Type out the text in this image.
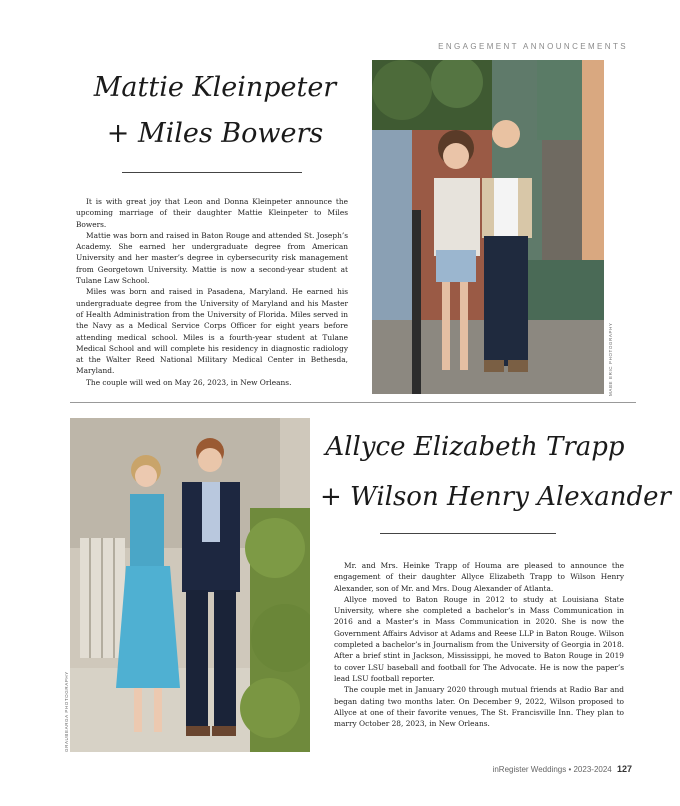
ENGAGEMENT ANNOUNCEMENTS
Mattie Kleinpeter
+ Miles Bowers

It is with great joy that Leon and Donna Kleinpeter announce the upcoming marriage of their daughter Mattie Kleinpeter to Miles Bowers.

Mattie was born and raised in Baton Rouge and attended St. Joseph’s Academy. She earned her undergraduate degree from American University and her master’s degree in cybersecurity risk management from Georgetown University. Mattie is now a second-year student at Tulane Law School.

Miles was born and raised in Pasadena, Maryland. He earned his undergraduate degree from the University of Maryland and his Master of Health Administration from the University of Florida. Miles served in the Navy as a Medical Service Corps Officer for eight years before attending medical school. Miles is a fourth-year student at Tulane Medical School and will complete his residency in diagnostic radiology at the Walter Reed National Military Medical Center in Bethesda, Maryland.

The couple will wed on May 26, 2023, in New Orleans.	MABE ERIC PHOTOGRAPHY
GRAUBEARGA PHOTOGRAPHY
Allyce Elizabeth Trapp
+ Wilson Henry Alexander

Mr. and Mrs. Heinke Trapp of Houma are pleased to announce the engagement of their daughter Allyce Elizabeth Trapp to Wilson Henry Alexander, son of Mr. and Mrs. Doug Alexander of Atlanta.

Allyce moved to Baton Rouge in 2012 to study at Louisiana State University, where she completed a bachelor’s in Mass Communication in 2016 and a Master’s in Mass Communication in 2020. She is now the Government Affairs Advisor at Adams and Reese LLP in Baton Rouge. Wilson completed a bachelor’s in Journalism from the University of Georgia in 2018. After a brief stint in Jackson, Mississippi, he moved to Baton Rouge in 2019 to cover LSU baseball and football for The Advocate. He is now the paper’s lead LSU football reporter.

The couple met in January 2020 through mutual friends at Radio Bar and began dating two months later. On December 9, 2022, Wilson proposed to Allyce at one of their favorite venues, The St. Francisville Inn. They plan to marry October 28, 2023, in New Orleans.

inRegister Weddings • 2023-2024 127
